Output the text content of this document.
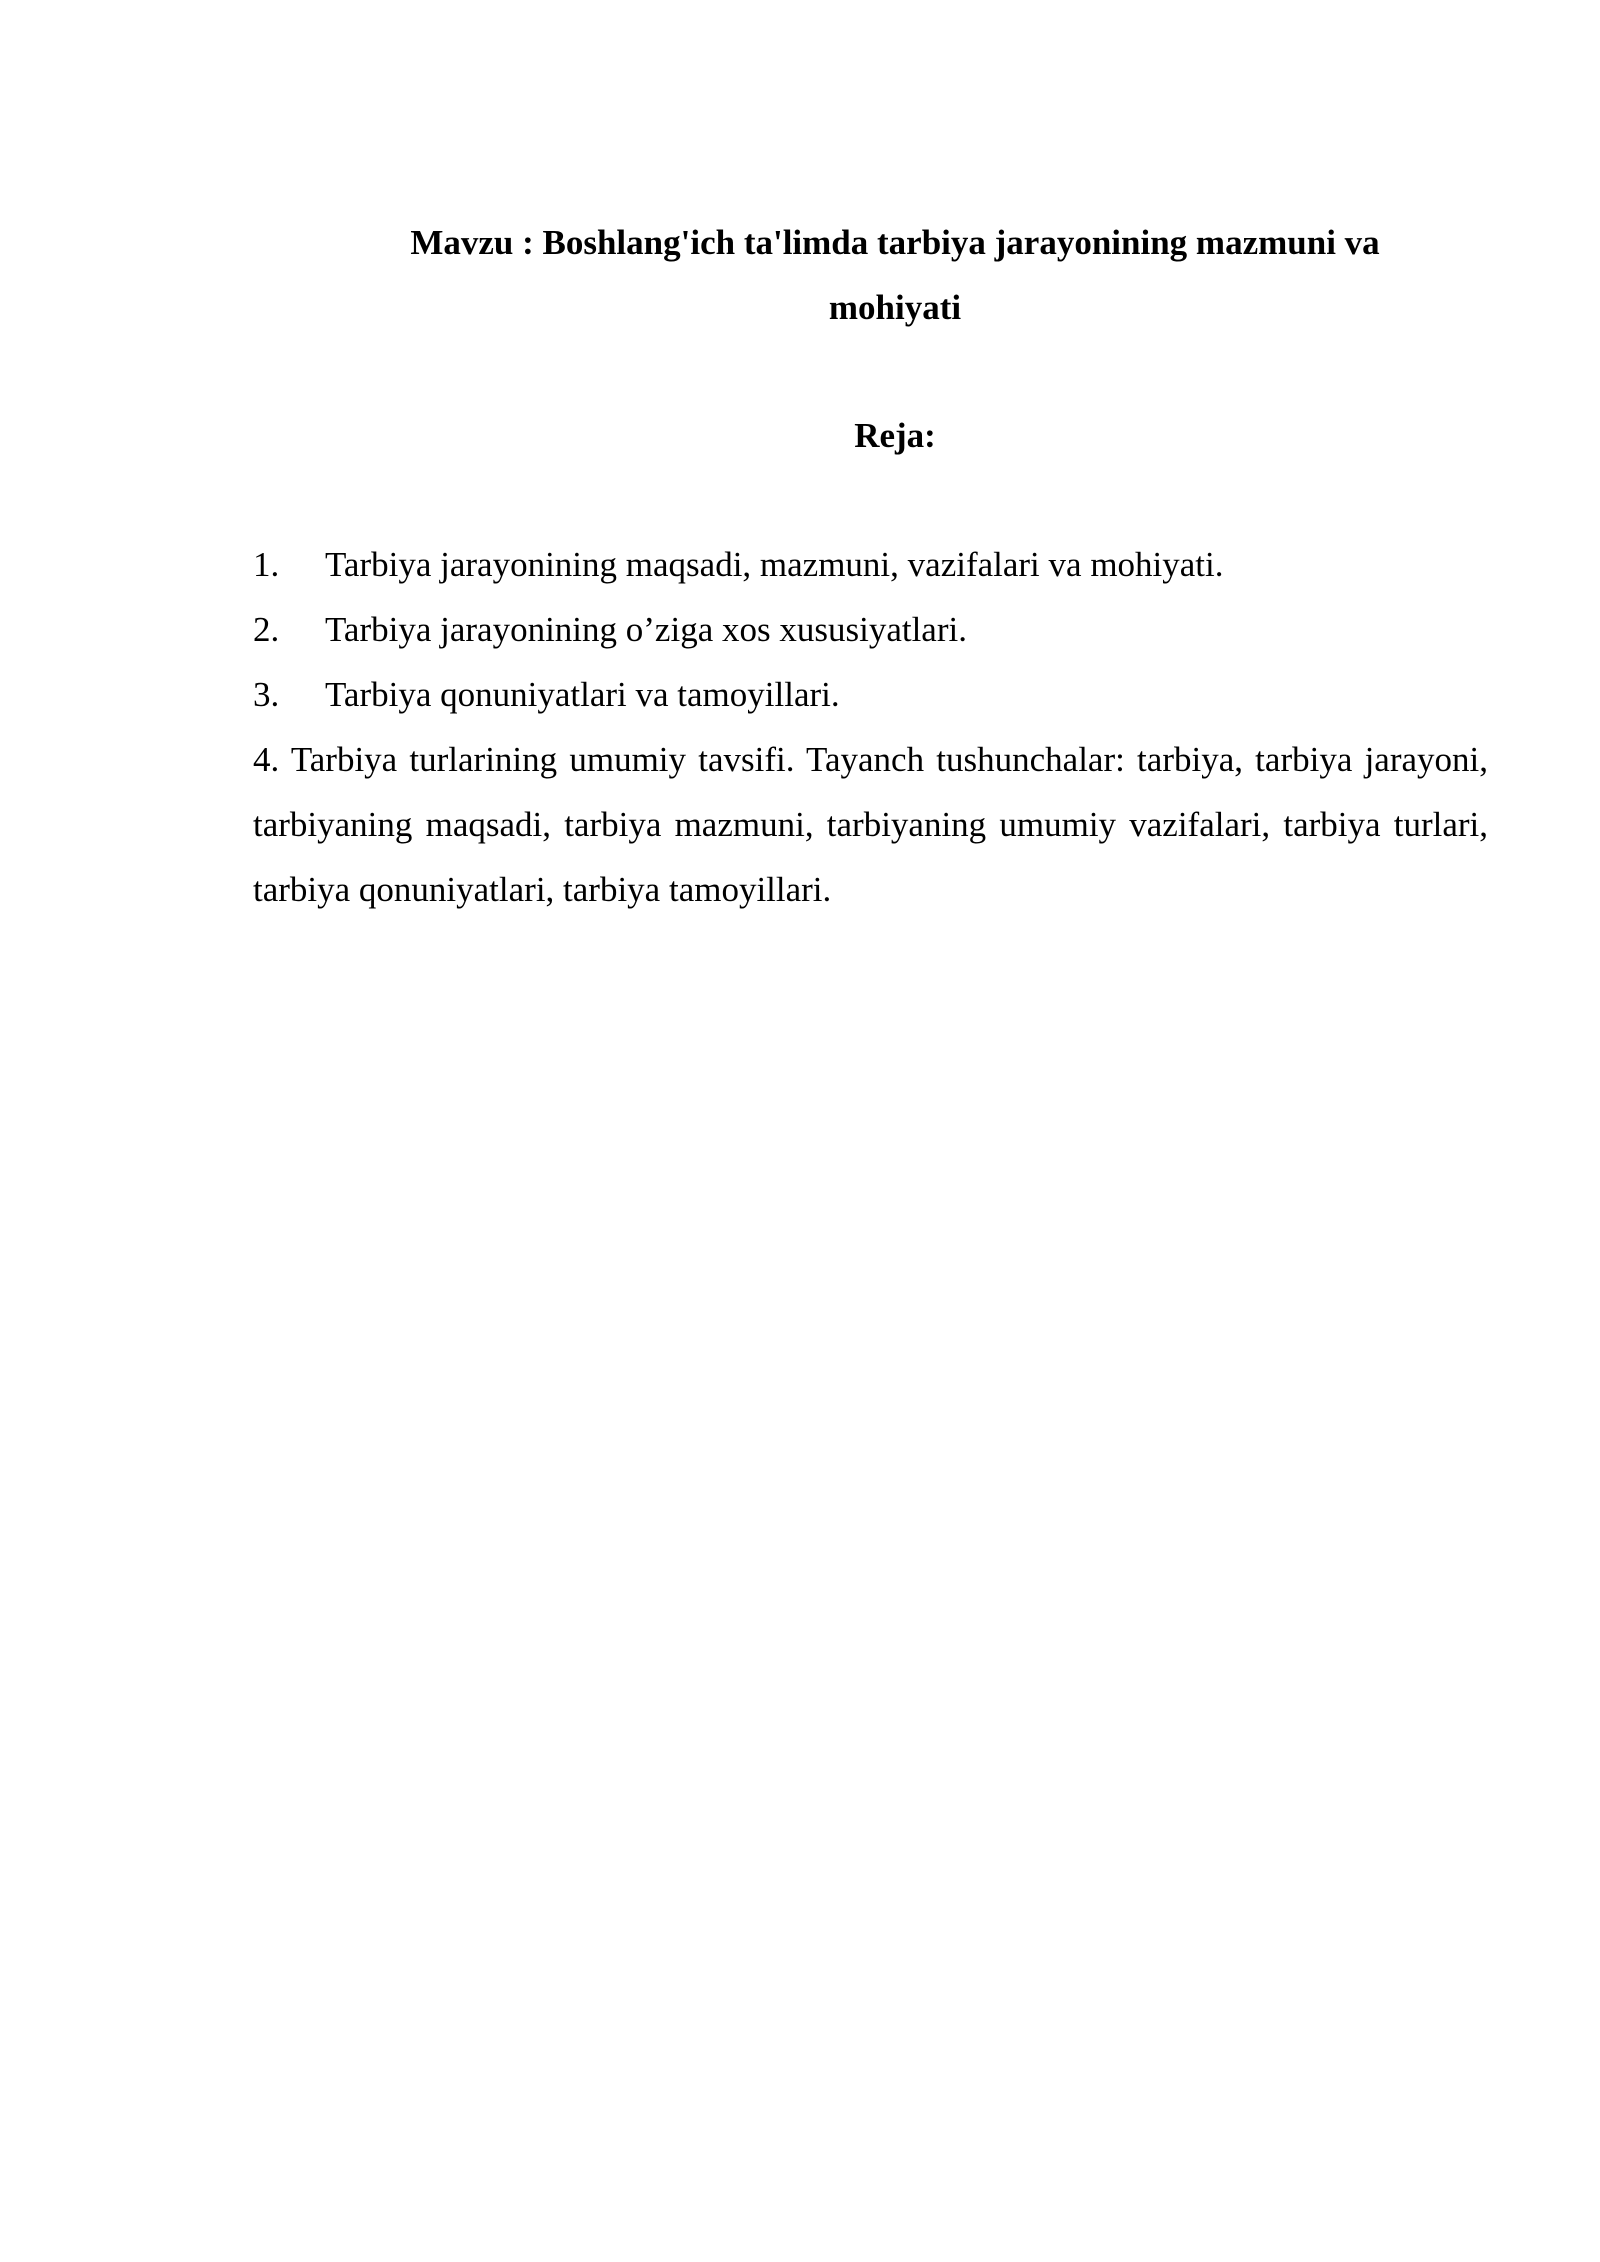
Mavzu : Boshlang'ich ta'limda tarbiya jarayonining mazmuni va mohiyati
Reja:
1. Tarbiya jarayonining maqsadi, mazmuni, vazifalari va mohiyati.
2. Tarbiya jarayonining o’ziga xos xususiyatlari.
3. Tarbiya qonuniyatlari va tamoyillari.

4. Tarbiya turlarining umumiy tavsifi. Tayanch tushunchalar: tarbiya, tarbiya jarayoni, tarbiyaning maqsadi, tarbiya mazmuni, tarbiyaning umumiy vazifalari, tarbiya turlari, tarbiya qonuniyatlari, tarbiya tamoyillari.
